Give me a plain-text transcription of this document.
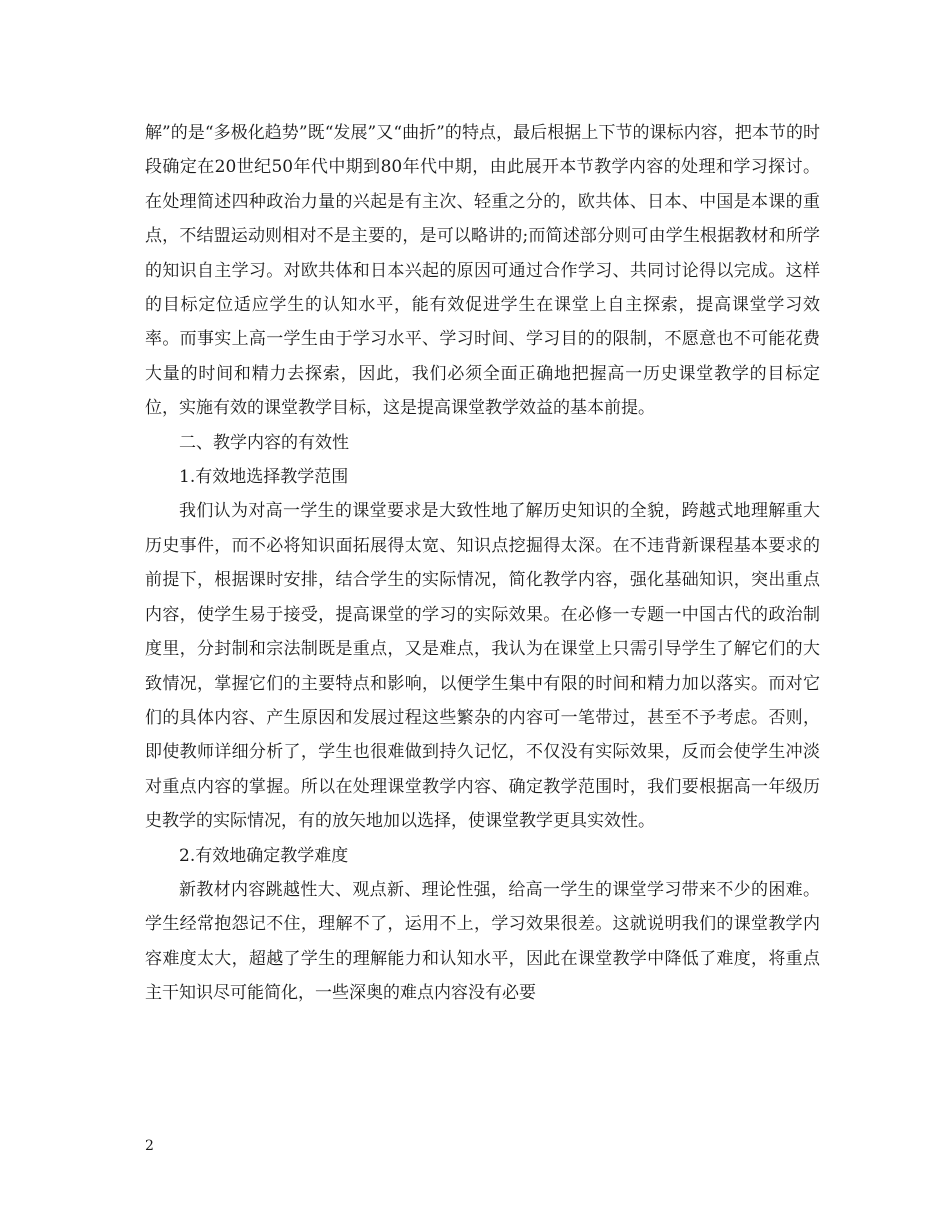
解”的是“多极化趋势”既“发展”又“曲折”的特点，最后根据上下节的课标内容，把本节的时段确定在20世纪50年代中期到80年代中期，由此展开本节教学内容的处理和学习探讨。在处理简述四种政治力量的兴起是有主次、轻重之分的，欧共体、日本、中国是本课的重点，不结盟运动则相对不是主要的，是可以略讲的;而简述部分则可由学生根据教材和所学的知识自主学习。对欧共体和日本兴起的原因可通过合作学习、共同讨论得以完成。这样的目标定位适应学生的认知水平，能有效促进学生在课堂上自主探索，提高课堂学习效率。而事实上高一学生由于学习水平、学习时间、学习目的的限制，不愿意也不可能花费大量的时间和精力去探索，因此，我们必须全面正确地把握高一历史课堂教学的目标定位，实施有效的课堂教学目标，这是提高课堂教学效益的基本前提。

二、教学内容的有效性

1.有效地选择教学范围

我们认为对高一学生的课堂要求是大致性地了解历史知识的全貌，跨越式地理解重大历史事件，而不必将知识面拓展得太宽、知识点挖掘得太深。在不违背新课程基本要求的前提下，根据课时安排，结合学生的实际情况，简化教学内容，强化基础知识，突出重点内容，使学生易于接受，提高课堂的学习的实际效果。在必修一专题一中国古代的政治制度里，分封制和宗法制既是重点，又是难点，我认为在课堂上只需引导学生了解它们的大致情况，掌握它们的主要特点和影响，以便学生集中有限的时间和精力加以落实。而对它们的具体内容、产生原因和发展过程这些繁杂的内容可一笔带过，甚至不予考虑。否则，即使教师详细分析了，学生也很难做到持久记忆，不仅没有实际效果，反而会使学生冲淡对重点内容的掌握。所以在处理课堂教学内容、确定教学范围时，我们要根据高一年级历史教学的实际情况，有的放矢地加以选择，使课堂教学更具实效性。

2.有效地确定教学难度

新教材内容跳越性大、观点新、理论性强，给高一学生的课堂学习带来不少的困难。学生经常抱怨记不住，理解不了，运用不上，学习效果很差。这就说明我们的课堂教学内容难度太大，超越了学生的理解能力和认知水平，因此在课堂教学中降低了难度，将重点主干知识尽可能简化，一些深奥的难点内容没有必要

2
